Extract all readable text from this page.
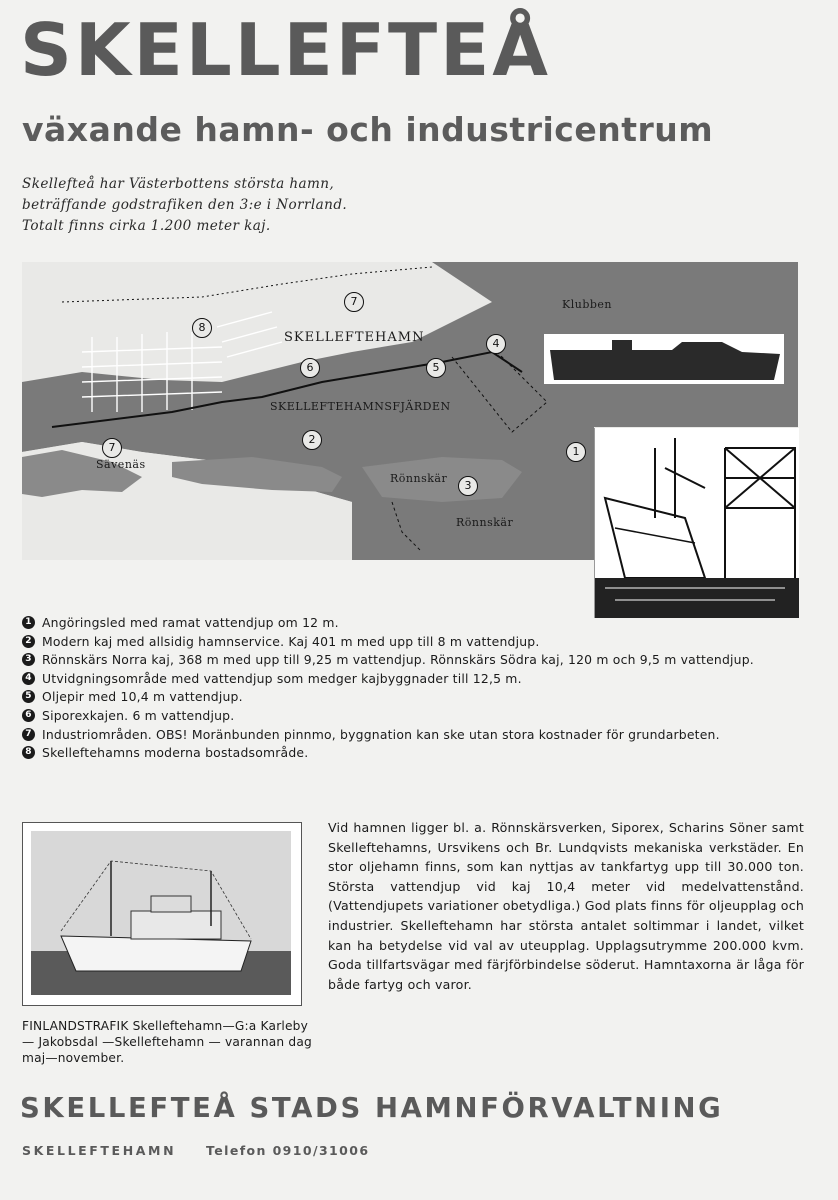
SKELLEFTEÅ
växande hamn- och industricentrum

Skellefteå har Västerbottens största hamn, beträffande godstrafiken den 3:e i Norrland. Totalt finns cirka 1.200 meter kaj.

Klubben
SKELLEFTEHAMN
SKELLEFTEHAMNSFJÄRDEN
Sävenäs
Rönnskär
Rönnskär
1
2
3
4
5
6
7
7
8
1 Angöringsled med ramat vattendjup om 12 m.
2 Modern kaj med allsidig hamnservice. Kaj 401 m med upp till 8 m vattendjup.
3 Rönnskärs Norra kaj, 368 m med upp till 9,25 m vattendjup. Rönnskärs Södra kaj, 120 m och 9,5 m vattendjup.
4 Utvidgningsområde med vattendjup som medger kajbyggnader till 12,5 m.
5 Oljepir med 10,4 m vattendjup.
6 Siporexkajen. 6 m vattendjup.
7 Industriområden. OBS! Moränbunden pinnmo, byggnation kan ske utan stora kostnader för grundarbeten.
8 Skelleftehamns moderna bostadsområde.

FINLANDSTRAFIK Skelleftehamn—G:a Karleby— Jakobsdal —Skelleftehamn — varannan dag maj—november.

Vid hamnen ligger bl. a. Rönnskärsverken, Siporex, Scharins Söner samt Skelleftehamns, Ursvikens och Br. Lundqvists mekaniska verkstäder. En stor oljehamn finns, som kan nyttjas av tankfartyg upp till 30.000 ton. Största vattendjup vid kaj 10,4 meter vid medelvattenstånd. (Vattendjupets variationer obetydliga.) God plats finns för oljeupplag och industrier. Skelleftehamn har största antalet soltimmar i landet, vilket kan ha betydelse vid val av uteupplag. Upplagsutrymme 200.000 kvm. Goda tillfartsvägar med färjförbindelse söderut. Hamntaxorna är låga för både fartyg och varor.

SKELLEFTEÅ STADS HAMNFÖRVALTNING
SKELLEFTEHAMN Telefon 0910/31006
